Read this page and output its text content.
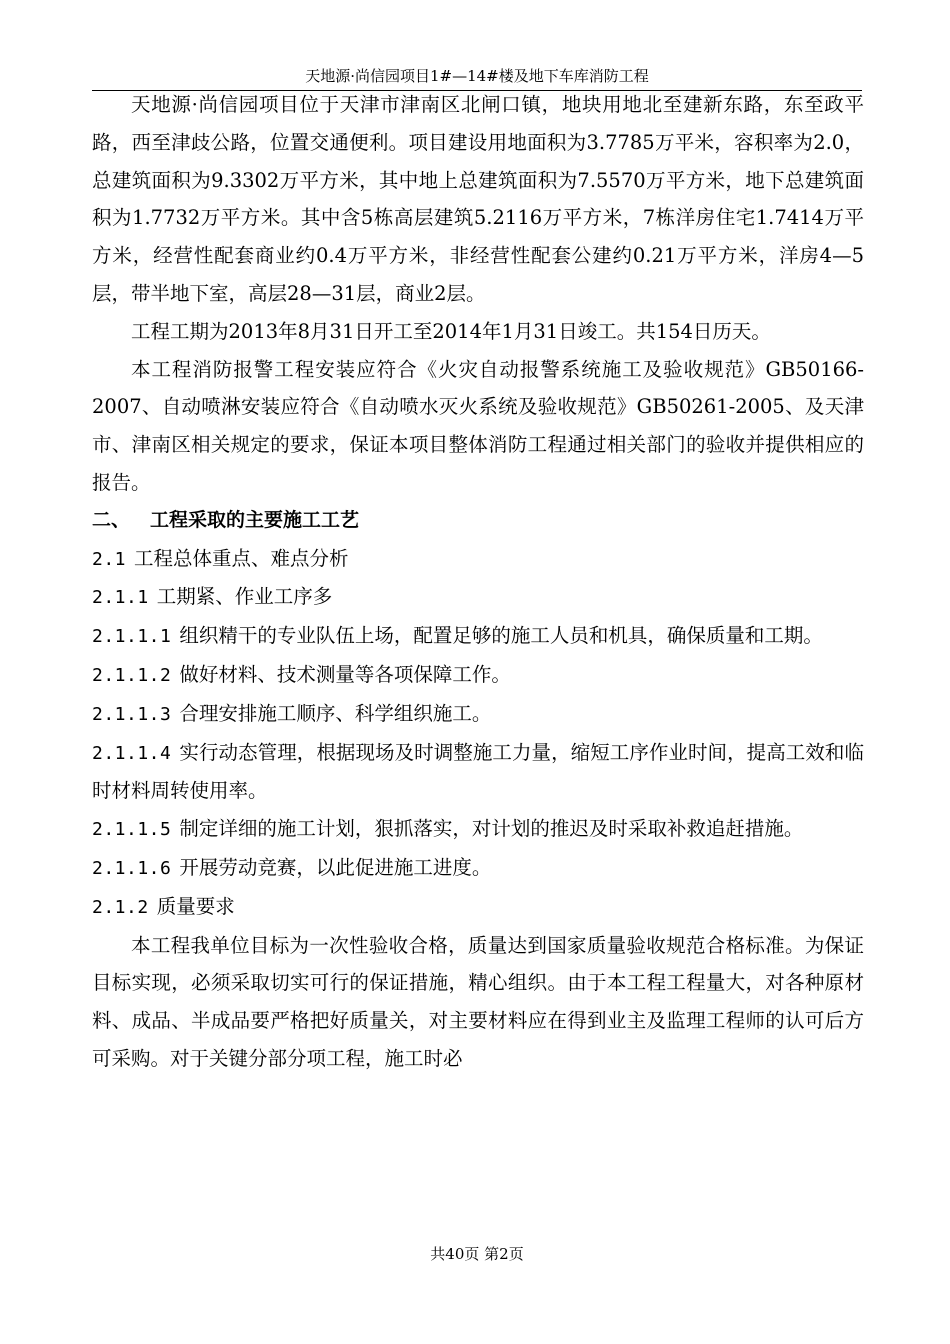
天地源·尚信园项目1#—14#楼及地下车库消防工程

天地源·尚信园项目位于天津市津南区北闸口镇，地块用地北至建新东路，东至政平路，西至津歧公路，位置交通便利。项目建设用地面积为3.7785万平米，容积率为2.0，总建筑面积为9.3302万平方米，其中地上总建筑面积为7.5570万平方米，地下总建筑面积为1.7732万平方米。其中含5栋高层建筑5.2116万平方米，7栋洋房住宅1.7414万平方米，经营性配套商业约0.4万平方米，非经营性配套公建约0.21万平方米，洋房4—5层，带半地下室，高层28—31层，商业2层。

工程工期为2013年8月31日开工至2014年1月31日竣工。共154日历天。

本工程消防报警工程安装应符合《火灾自动报警系统施工及验收规范》GB50166-2007、自动喷淋安装应符合《自动喷水灭火系统及验收规范》GB50261-2005、及天津市、津南区相关规定的要求，保证本项目整体消防工程通过相关部门的验收并提供相应的报告。

二、 工程采取的主要施工工艺

2.1 工程总体重点、难点分析

2.1.1 工期紧、作业工序多

2.1.1.1 组织精干的专业队伍上场，配置足够的施工人员和机具，确保质量和工期。

2.1.1.2 做好材料、技术测量等各项保障工作。

2.1.1.3 合理安排施工顺序、科学组织施工。

2.1.1.4 实行动态管理，根据现场及时调整施工力量，缩短工序作业时间，提高工效和临时材料周转使用率。

2.1.1.5 制定详细的施工计划，狠抓落实，对计划的推迟及时采取补救追赶措施。

2.1.1.6 开展劳动竞赛，以此促进施工进度。

2.1.2 质量要求

本工程我单位目标为一次性验收合格，质量达到国家质量验收规范合格标准。为保证目标实现，必须采取切实可行的保证措施，精心组织。由于本工程工程量大，对各种原材料、成品、半成品要严格把好质量关，对主要材料应在得到业主及监理工程师的认可后方可采购。对于关键分部分项工程，施工时必

共40页 第2页
